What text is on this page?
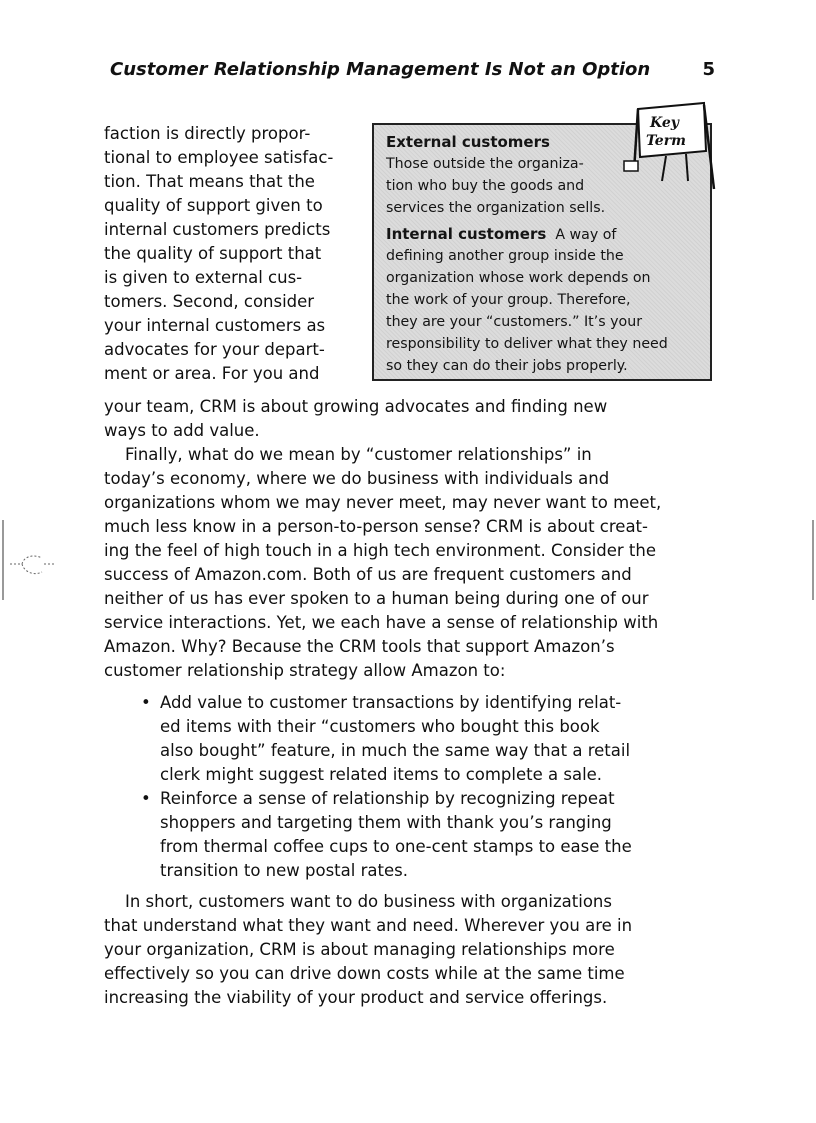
Customer Relationship Management Is Not an Option	5
faction is directly propor-
tional to employee satisfac-
tion. That means that the
quality of support given to
internal customers predicts
the quality of support that
is given to external cus-
tomers. Second, consider
your internal customers as
advocates for your depart-
ment or area. For you and
External customers
Those outside the organiza-
tion who buy the goods and
services the organization sells.
Internal customers A way of
defining another group inside the
organization whose work depends on
the work of your group. Therefore,
they are your “customers.” It’s your
responsibility to deliver what they need
so they can do their jobs properly.
Key
Term
your team, CRM is about growing advocates and finding new
ways to add value.
Finally, what do we mean by “customer relationships” in
today’s economy, where we do business with individuals and
organizations whom we may never meet, may never want to meet,
much less know in a person-to-person sense? CRM is about creat-
ing the feel of high touch in a high tech environment. Consider the
success of Amazon.com. Both of us are frequent customers and
neither of us has ever spoken to a human being during one of our
service interactions. Yet, we each have a sense of relationship with
Amazon. Why? Because the CRM tools that support Amazon’s
customer relationship strategy allow Amazon to:
• Add value to customer transactions by identifying relat-
ed items with their “customers who bought this book
also bought” feature, in much the same way that a retail
clerk might suggest related items to complete a sale.
• Reinforce a sense of relationship by recognizing repeat
shoppers and targeting them with thank you’s ranging
from thermal coffee cups to one-cent stamps to ease the
transition to new postal rates.
In short, customers want to do business with organizations
that understand what they want and need. Wherever you are in
your organization, CRM is about managing relationships more
effectively so you can drive down costs while at the same time
increasing the viability of your product and service offerings.
